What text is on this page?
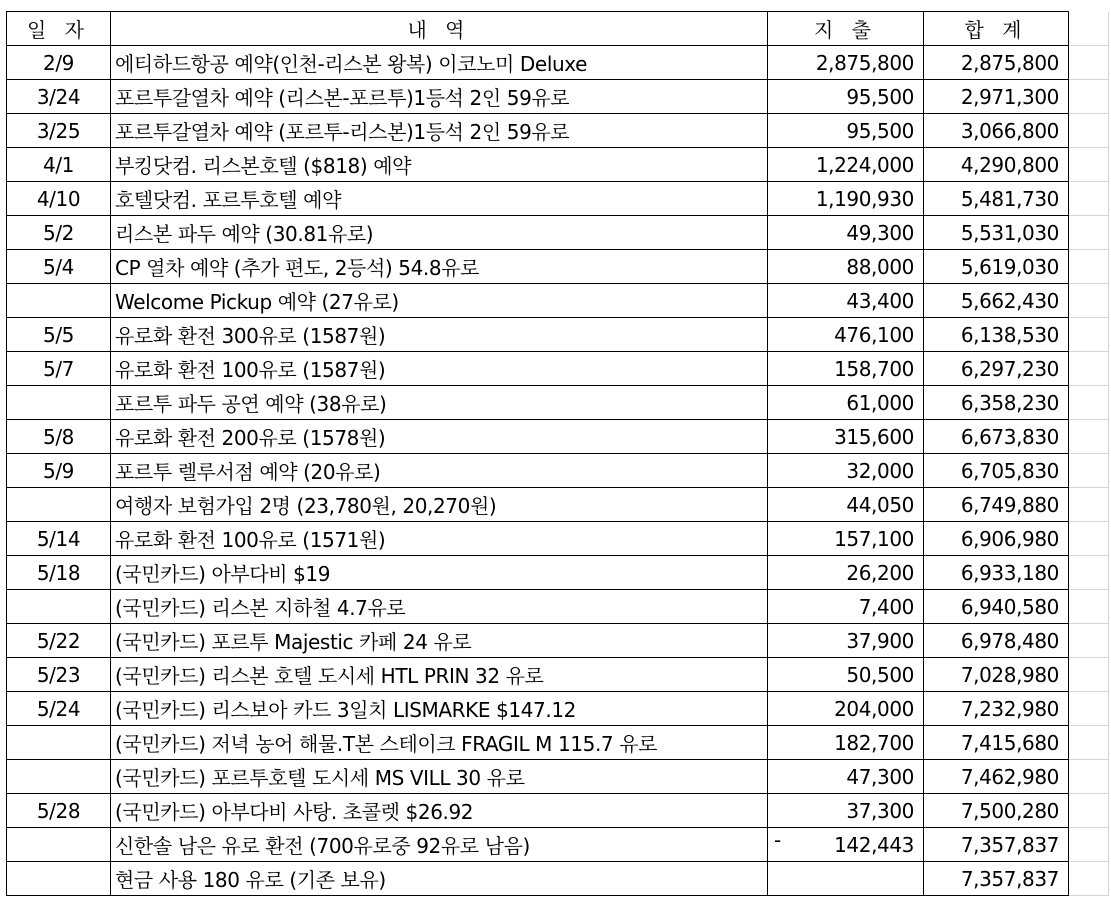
일 자	내 역	지 출	합 계	
2/9	에티하드항공 예약(인천-리스본 왕복) 이코노미 Deluxe	2,875,800	2,875,800	
3/24	포르투갈열차 예약 (리스본-포르투)1등석 2인 59유로	95,500	2,971,300	
3/25	포르투갈열차 예약 (포르투-리스본)1등석 2인 59유로	95,500	3,066,800	
4/1	부킹닷컴. 리스본호텔 ($818) 예약	1,224,000	4,290,800	
4/10	호텔닷컴. 포르투호텔 예약	1,190,930	5,481,730	
5/2	리스본 파두 예약 (30.81유로)	49,300	5,531,030	
5/4	CP 열차 예약 (추가 편도, 2등석) 54.8유로	88,000	5,619,030	
	Welcome Pickup 예약 (27유로)	43,400	5,662,430	
5/5	유로화 환전 300유로 (1587원)	476,100	6,138,530	
5/7	유로화 환전 100유로 (1587원)	158,700	6,297,230	
	포르투 파두 공연 예약 (38유로)	61,000	6,358,230	
5/8	유로화 환전 200유로 (1578원)	315,600	6,673,830	
5/9	포르투 렐루서점 예약 (20유로)	32,000	6,705,830	
	여행자 보험가입 2명 (23,780원, 20,270원)	44,050	6,749,880	
5/14	유로화 환전 100유로 (1571원)	157,100	6,906,980	
5/18	(국민카드) 아부다비 $19	26,200	6,933,180	
	(국민카드) 리스본 지하철 4.7유로	7,400	6,940,580	
5/22	(국민카드) 포르투 Majestic 카페 24 유로	37,900	6,978,480	
5/23	(국민카드) 리스본 호텔 도시세 HTL PRIN 32 유로	50,500	7,028,980	
5/24	(국민카드) 리스보아 카드 3일치 LISMARKE $147.12	204,000	7,232,980	
	(국민카드) 저녁 농어 해물.T본 스테이크 FRAGIL M 115.7 유로	182,700	7,415,680	
	(국민카드) 포르투호텔 도시세 MS VILL 30 유로	47,300	7,462,980	
5/28	(국민카드) 아부다비 사탕. 초콜렛 $26.92	37,300	7,500,280	
	신한솔 남은 유로 환전 (700유로중 92유로 남음)	- 142,443	7,357,837	
	현금 사용 180 유로 (기존 보유)		7,357,837	
